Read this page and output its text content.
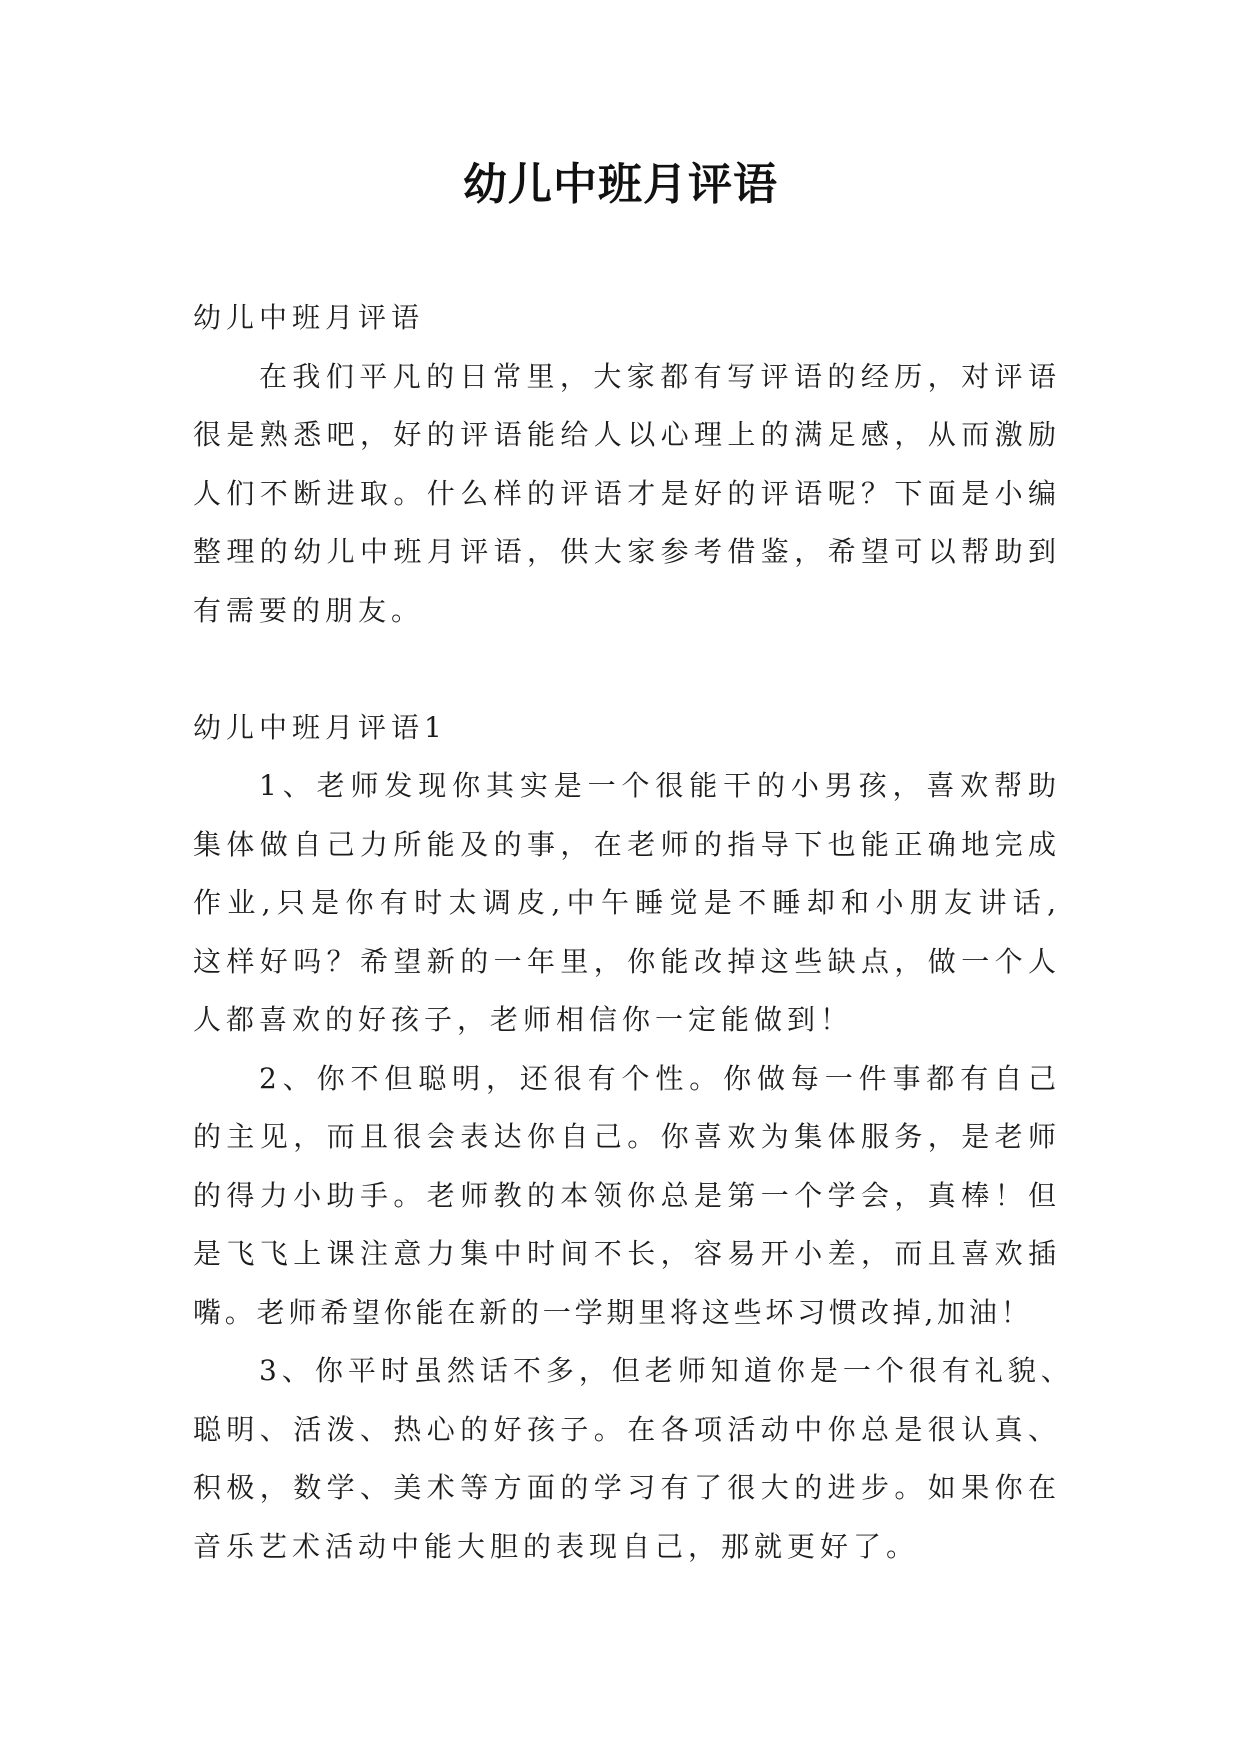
幼儿中班月评语
幼儿中班月评语
在我们平凡的日常里，大家都有写评语的经历，对评语
很是熟悉吧，好的评语能给人以心理上的满足感，从而激励
人们不断进取。什么样的评语才是好的评语呢？下面是小编
整理的幼儿中班月评语，供大家参考借鉴，希望可以帮助到
有需要的朋友。
幼儿中班月评语1
1、老师发现你其实是一个很能干的小男孩，喜欢帮助
集体做自己力所能及的事，在老师的指导下也能正确地完成
作业,只是你有时太调皮,中午睡觉是不睡却和小朋友讲话,
这样好吗？希望新的一年里，你能改掉这些缺点，做一个人
人都喜欢的好孩子，老师相信你一定能做到！
2、你不但聪明，还很有个性。你做每一件事都有自己
的主见，而且很会表达你自己。你喜欢为集体服务，是老师
的得力小助手。老师教的本领你总是第一个学会，真棒！但
是飞飞上课注意力集中时间不长，容易开小差，而且喜欢插
嘴。老师希望你能在新的一学期里将这些坏习惯改掉,加油！
3、你平时虽然话不多，但老师知道你是一个很有礼貌、
聪明、活泼、热心的好孩子。在各项活动中你总是很认真、
积极，数学、美术等方面的学习有了很大的进步。如果你在
音乐艺术活动中能大胆的表现自己，那就更好了。
